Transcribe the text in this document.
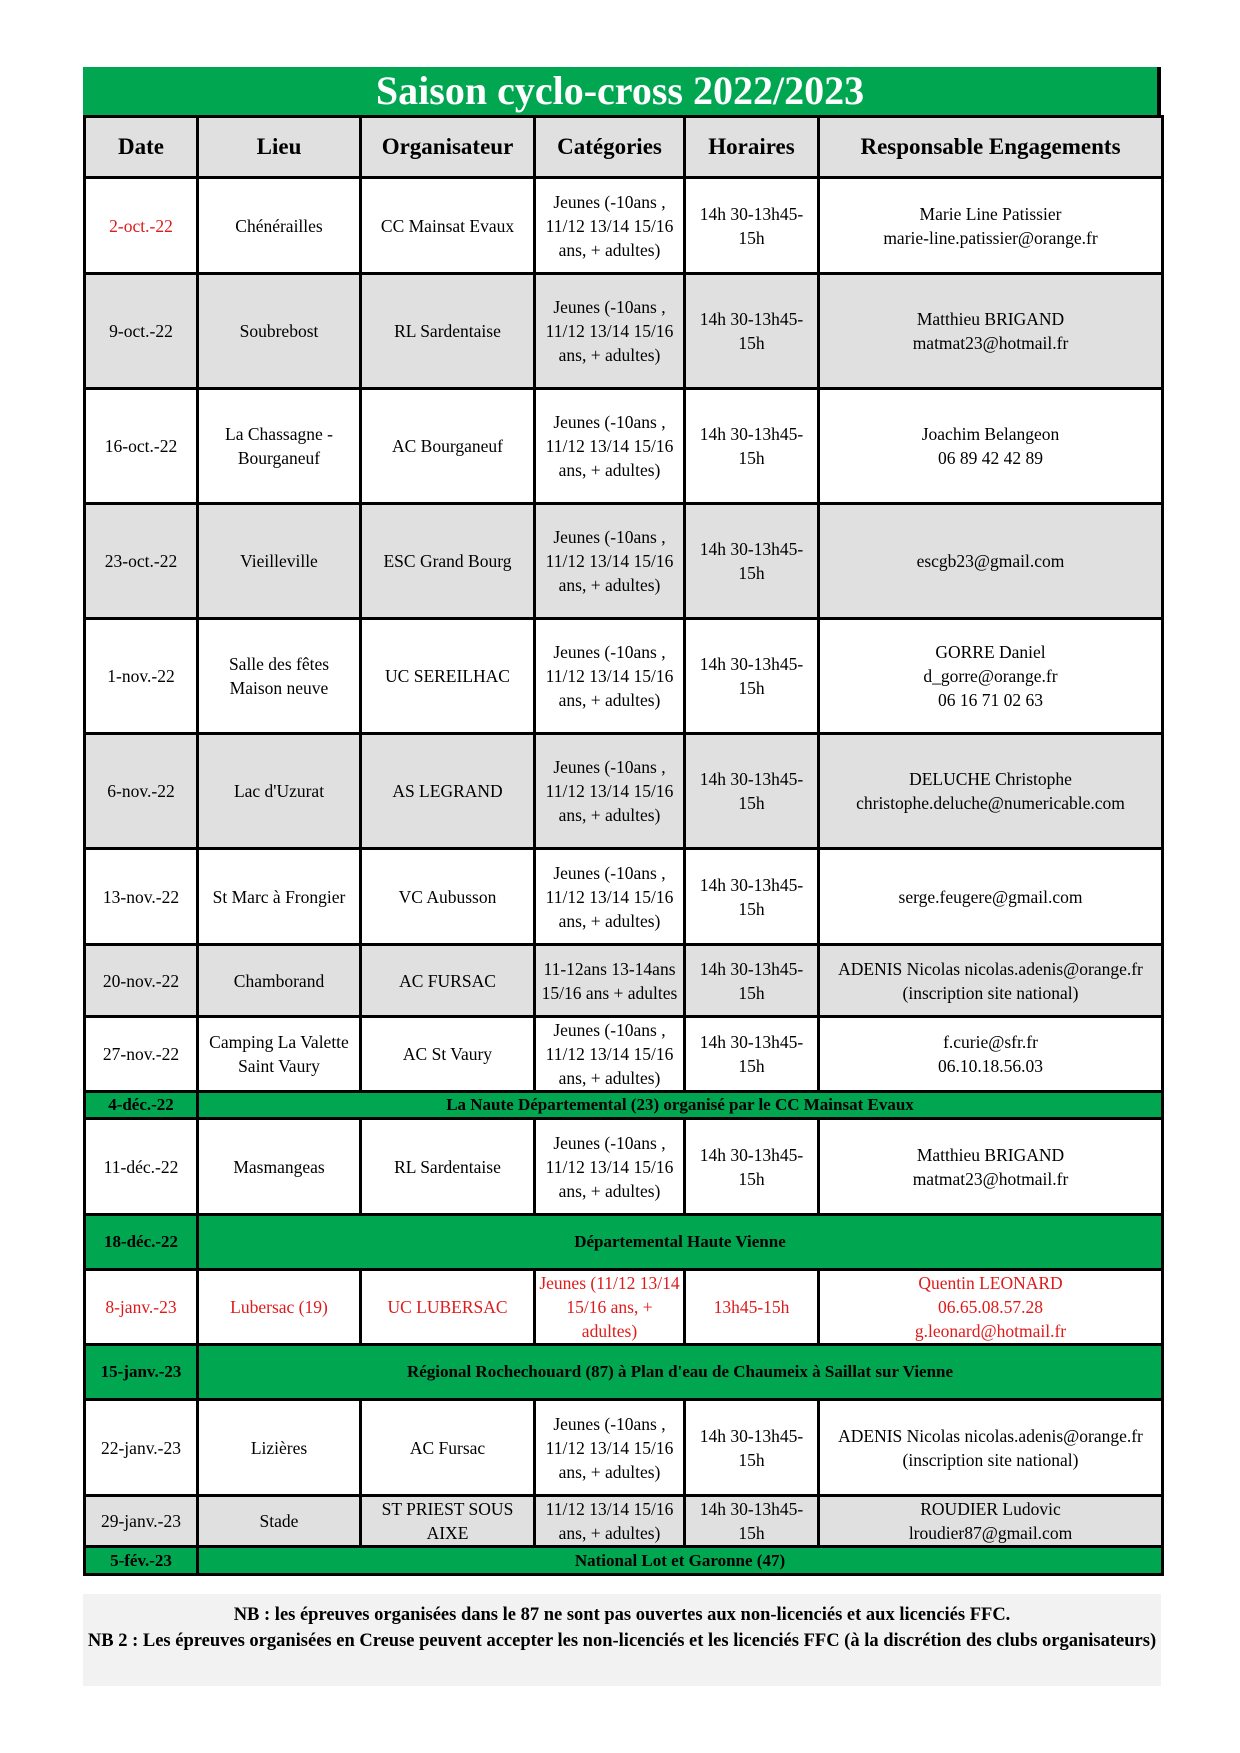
Saison cyclo-cross 2022/2023
Date	Lieu	Organisateur	Catégories	Horaires	Responsable Engagements
2-oct.-22	Chénérailles	CC Mainsat Evaux	Jeunes (-10ans , 11/12 13/14 15/16 ans, + adultes)	14h 30-13h45-15h	Marie Line Patissier
marie-line.patissier@orange.fr
9-oct.-22	Soubrebost	RL Sardentaise	Jeunes (-10ans , 11/12 13/14 15/16 ans, + adultes)	14h 30-13h45-15h	Matthieu BRIGAND
matmat23@hotmail.fr
16-oct.-22	La Chassagne - Bourganeuf	AC Bourganeuf	Jeunes (-10ans , 11/12 13/14 15/16 ans, + adultes)	14h 30-13h45-15h	Joachim Belangeon
06 89 42 42 89
23-oct.-22	Vieilleville	ESC Grand Bourg	Jeunes (-10ans , 11/12 13/14 15/16 ans, + adultes)	14h 30-13h45-15h	escgb23@gmail.com
1-nov.-22	Salle des fêtes Maison neuve	UC SEREILHAC	Jeunes (-10ans , 11/12 13/14 15/16 ans, + adultes)	14h 30-13h45-15h	GORRE Daniel
d_gorre@orange.fr
06 16 71 02 63
6-nov.-22	Lac d'Uzurat	AS LEGRAND	Jeunes (-10ans , 11/12 13/14 15/16 ans, + adultes)	14h 30-13h45-15h	DELUCHE Christophe
christophe.deluche@numericable.com
13-nov.-22	St Marc à Frongier	VC Aubusson	Jeunes (-10ans , 11/12 13/14 15/16 ans, + adultes)	14h 30-13h45-15h	serge.feugere@gmail.com
20-nov.-22	Chamborand	AC FURSAC	11-12ans 13-14ans 15/16 ans + adultes	14h 30-13h45-15h	ADENIS Nicolas nicolas.adenis@orange.fr
(inscription site national)
27-nov.-22	Camping La Valette Saint Vaury	AC St Vaury	Jeunes (-10ans , 11/12 13/14 15/16 ans, + adultes)	14h 30-13h45-15h	f.curie@sfr.fr
06.10.18.56.03
4-déc.-22	La Naute Départemental (23) organisé par le CC Mainsat Evaux				
11-déc.-22	Masmangeas	RL Sardentaise	Jeunes (-10ans , 11/12 13/14 15/16 ans, + adultes)	14h 30-13h45-15h	Matthieu BRIGAND
matmat23@hotmail.fr
18-déc.-22	Départemental Haute Vienne				
8-janv.-23	Lubersac (19)	UC LUBERSAC	Jeunes (11/12 13/14 15/16 ans, + adultes)	13h45-15h	Quentin LEONARD
06.65.08.57.28
g.leonard@hotmail.fr
15-janv.-23	Régional Rochechouard (87) à Plan d'eau de Chaumeix à Saillat sur Vienne				
22-janv.-23	Lizières	AC Fursac	Jeunes (-10ans , 11/12 13/14 15/16 ans, + adultes)	14h 30-13h45-15h	ADENIS Nicolas nicolas.adenis@orange.fr
(inscription site national)
29-janv.-23	Stade	ST PRIEST SOUS AIXE	11/12 13/14 15/16 ans, + adultes)	14h 30-13h45-15h	ROUDIER Ludovic
lroudier87@gmail.com
5-fév.-23	National Lot et Garonne (47)				
NB : les épreuves organisées dans le 87 ne sont pas ouvertes aux non-licenciés et aux licenciés FFC.
NB 2 : Les épreuves organisées en Creuse peuvent accepter les non-licenciés et les licenciés FFC (à la discrétion des clubs organisateurs)
